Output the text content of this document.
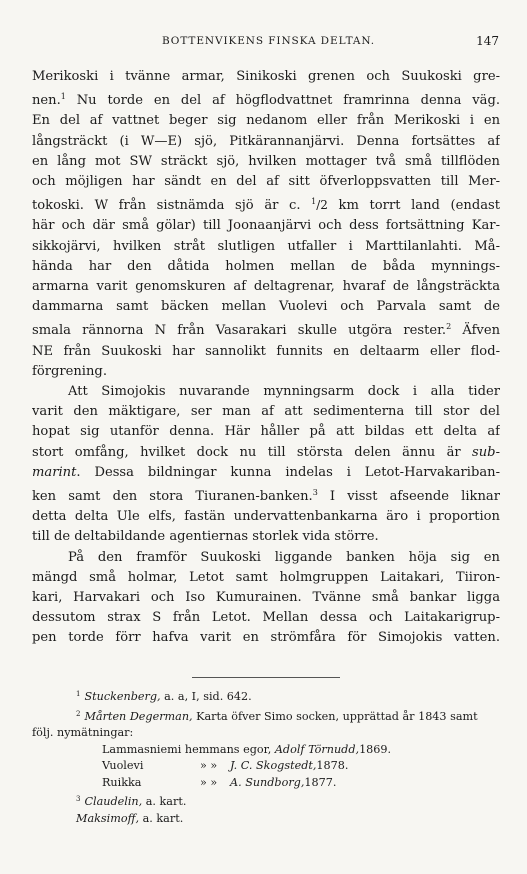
BOTTENVIKENS FINSKA DELTAN.	147
Merikoski i tvänne armar, Sinikoski grenen och Suukoski gre-
nen.$^1$ Nu torde en del af högflodvattnet framrinna denna väg.
En del af vattnet beger sig nedanom eller från Merikoski i en
långsträckt (i W—E) sjö, Pitkärannanjärvi. Denna fortsättes af
en lång mot SW sträckt sjö, hvilken mottager två små tillflöden
och möjligen har sändt en del af sitt öfverloppsvatten till Mer-
tokoski. W från sistnämda sjö är c. $^1$/2 km torrt land (endast
här och där små gölar) till Joonaanjärvi och dess fortsättning Kar-
sikkojärvi, hvilken stråt slutligen utfaller i Marttilanlahti. Må-
hända har den dåtida holmen mellan de båda mynnings-
armarna varit genomskuren af deltagrenar, hvaraf de långsträckta
dammarna samt bäcken mellan Vuolevi och Parvala samt de
smala rännorna N från Vasarakari skulle utgöra rester.$^2$ Äfven
NE från Suukoski har sannolikt funnits en deltaarm eller flod-
förgrening.
Att Simojokis nuvarande mynningsarm dock i alla tider
varit den mäktigare, ser man af att sedimenterna till stor del
hopat sig utanför denna. Här håller på att bildas ett delta af
stort omfång, hvilket dock nu till största delen ännu är sub-
marint. Dessa bildningar kunna indelas i Letot-Harvakariban-
ken samt den stora Tiuranen-banken.$^3$ I visst afseende liknar
detta delta Ule elfs, fastän undervattenbankarna äro i proportion
till de deltabildande agentiernas storlek vida större.
På den framför Suukoski liggande banken höja sig en
mängd små holmar, Letot samt holmgruppen Laitakari, Tiiron-
kari, Harvakari och Iso Kumurainen. Tvänne små bankar ligga
dessutom strax S från Letot. Mellan dessa och Laitakarigrup-
pen torde förr hafva varit en strömfåra för Simojokis vatten.
$^1$ Stuckenberg, a. a, I, sid. 642.
$^2$ Mårten Degerman, Karta öfver Simo socken, upprättad år 1843 samt
följ. nymätningar:
Lammasniemi hemmans egor,
Adolf Törnudd, 1869.
Vuolevi	» »	J. C. Skogstedt, 1878.
Ruikka	» »	A. Sundborg, 1877.
$^3$ Claudelin, a. kart.
Maksimoff, a. kart.
